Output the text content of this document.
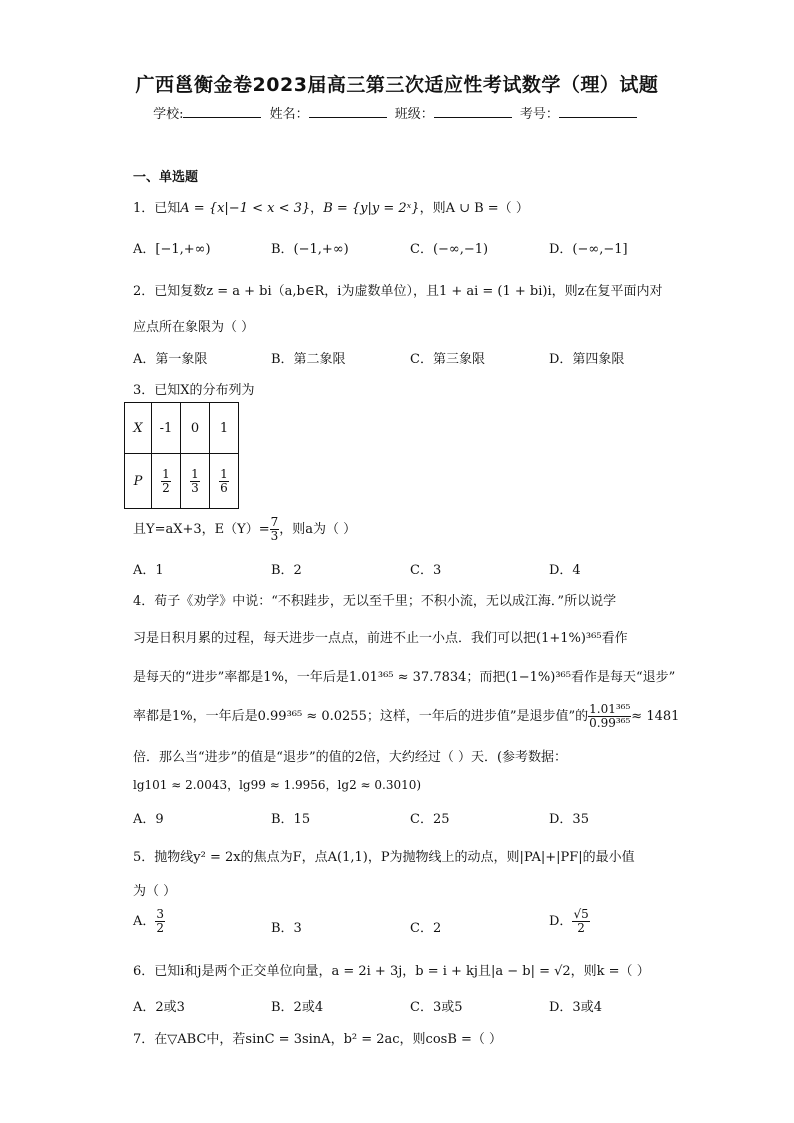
广西邕衡金卷2023届高三第三次适应性考试数学（理）试题
学校:	姓名：	班级：	考号：
一、单选题
1．已知A = {x|−1 < x < 3}，B = {y|y = 2ˣ}，则A ∪ B =（ ）
A．[−1,+∞)	B．(−1,+∞)	C．(−∞,−1)	D．(−∞,−1]
2．已知复数z = a + bi（a,b∈R，i为虚数单位），且1 + ai = (1 + bi)i，则z在复平面内对
应点所在象限为（ ）
A．第一象限	B．第二象限	C．第三象限	D．第四象限
3．已知X的分布列为
X	-1	0	1
P	$\frac{1}{2}$	$\frac{1}{3}$	$\frac{1}{6}$
且Y=aX+3，$E(Y)= \frac{7}{3}$ ，则a为（ ）
A．1	B．2	C．3	D．4
4．荀子《劝学》中说：“不积跬步，无以至千里；不积小流，无以成江海．”所以说学
习是日积月累的过程，每天进步一点点，前进不止一小点．我们可以把(1+1%)³⁶⁵看作
是每天的“进步”率都是1%，一年后是1.01³⁶⁵ ≈ 37.7834；而把(1−1%)³⁶⁵看作是每天“退步”
率都是1%，一年后是0.99³⁶⁵ ≈ 0.0255；这样，一年后的进步值”是退步值”的 $\frac{\text{1.01³⁶⁵}}{\text{0.99³⁶⁵}} \approx 1481$
倍．那么当“进步”的值是“退步”的值的2倍，大约经过（ ）天．(参考数据：
lg101 ≈ 2.0043，lg99 ≈ 1.9956，lg2 ≈ 0.3010)
A．9	B．15	C．25	D．35
5．抛物线y² = 2x的焦点为F，点A(1,1)，P为抛物线上的动点，则|PA|+|PF|的最小值
为（ ）
A． $\frac{3}{2}$	B．3	C．2	D． $\frac{√5}{2}$
6．已知i和j是两个正交单位向量，a = 2i + 3j，b = i + kj且|a − b| = √2，则k =（ ）
A．2或3	B．2或4	C．3或5	D．3或4
7．在▽ABC中，若sinC = 3sinA，b² = 2ac，则cosB =（ ）
